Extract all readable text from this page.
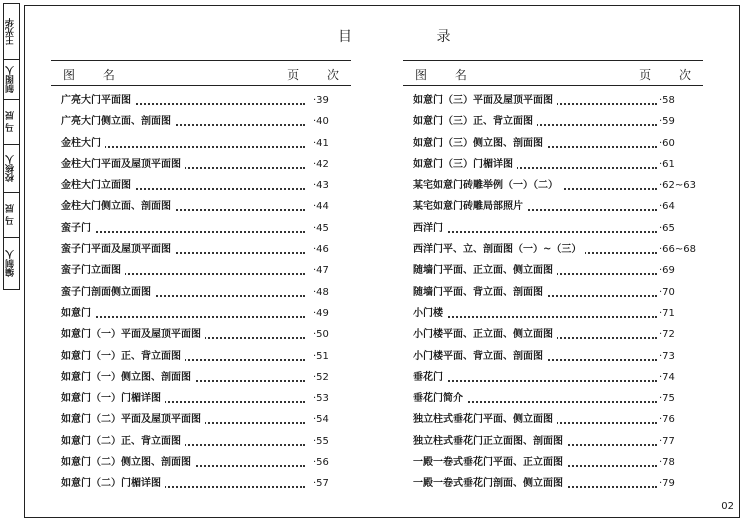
王光华
制图人
马 辰
校核人
马 辰
编制人
目 录
图 名	页 次
广亮大门平面图	·39
广亮大门侧立面、剖面图	·40
金柱大门	·41
金柱大门平面及屋顶平面图	·42
金柱大门立面图	·43
金柱大门侧立面、剖面图	·44
蛮子门	·45
蛮子门平面及屋顶平面图	·46
蛮子门立面图	·47
蛮子门剖面侧立面图	·48
如意门	·49
如意门（一）平面及屋顶平面图	·50
如意门（一）正、背立面图	·51
如意门（一）侧立图、剖面图	·52
如意门（一）门楣详图	·53
如意门（二）平面及屋顶平面图	·54
如意门（二）正、背立面图	·55
如意门（二）侧立图、剖面图	·56
如意门（二）门楣详图	·57
图 名	页 次
如意门（三）平面及屋顶平面图	·58
如意门（三）正、背立面图	·59
如意门（三）侧立图、剖面图	·60
如意门（三）门楣详图	·61
某宅如意门砖雕举例（一）（二）	·62~63
某宅如意门砖雕局部照片	·64
西洋门	·65
西洋门平、立、剖面图（一）~（三）	·66~68
随墙门平面、正立面、侧立面图	·69
随墙门平面、背立面、剖面图	·70
小门楼	·71
小门楼平面、正立面、侧立面图	·72
小门楼平面、背立面、剖面图	·73
垂花门	·74
垂花门简介	·75
独立柱式垂花门平面、侧立面图	·76
独立柱式垂花门正立面图、剖面图	·77
一殿一卷式垂花门平面、正立面图	·78
一殿一卷式垂花门剖面、侧立面图	·79
02
